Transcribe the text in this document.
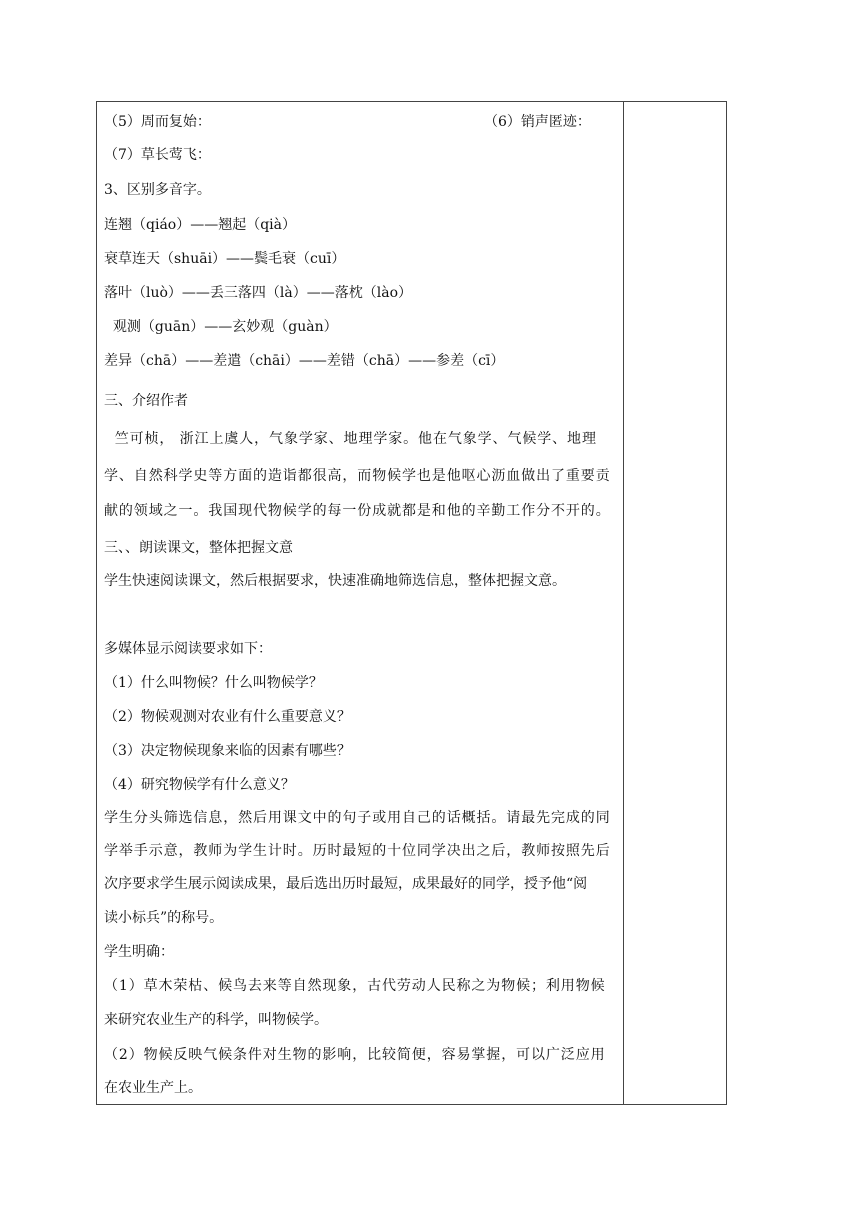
（5）周而复始：	（6）销声匿迹：
（7）草长莺飞：
3、区别多音字。
连翘（qiáo）——翘起（qià）
衰草连天（shuāi）——鬓毛衰（cuī）
落叶（luò）——丢三落四（là）——落枕（lào）
观测（guān）——玄妙观（guàn）
差异（chā）——差遣（chāi）——差错（chā）——参差（cī）
三、介绍作者
竺可桢， 浙江上虞人，气象学家、地理学家。他在气象学、气候学、地理
学、自然科学史等方面的造诣都很高，而物候学也是他呕心沥血做出了重要贡
献的领域之一。我国现代物候学的每一份成就都是和他的辛勤工作分不开的。
三、、朗读课文，整体把握文意
学生快速阅读课文，然后根据要求，快速准确地筛选信息，整体把握文意。
多媒体显示阅读要求如下：
（1）什么叫物候？什么叫物候学？
（2）物候观测对农业有什么重要意义？
（3）决定物候现象来临的因素有哪些？
（4）研究物候学有什么意义？
学生分头筛选信息，然后用课文中的句子或用自己的话概括。请最先完成的同
学举手示意，教师为学生计时。历时最短的十位同学决出之后，教师按照先后
次序要求学生展示阅读成果，最后选出历时最短，成果最好的同学，授予他“阅
读小标兵”的称号。
学生明确：
（1）草木荣枯、候鸟去来等自然现象，古代劳动人民称之为物候；利用物候
来研究农业生产的科学，叫物候学。
（2）物候反映气候条件对生物的影响，比较简便，容易掌握，可以广泛应用
在农业生产上。
